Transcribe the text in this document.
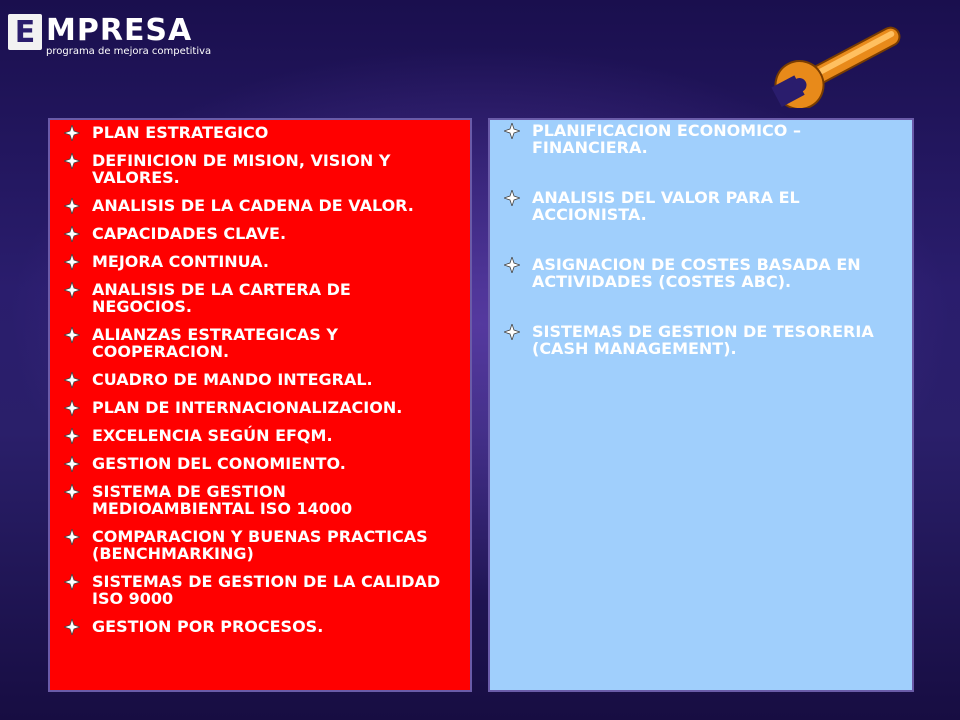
E MPRESA
programa de mejora competitiva
PLAN ESTRATEGICO
DEFINICION DE MISION, VISION Y VALORES.
ANALISIS DE LA CADENA DE VALOR.
CAPACIDADES CLAVE.
MEJORA CONTINUA.
ANALISIS DE LA CARTERA DE NEGOCIOS.
ALIANZAS ESTRATEGICAS Y COOPERACION.
CUADRO DE MANDO INTEGRAL.
PLAN DE INTERNACIONALIZACION.
EXCELENCIA SEGÚN EFQM.
GESTION DEL CONOMIENTO.
SISTEMA DE GESTION MEDIOAMBIENTAL ISO 14000
COMPARACION Y BUENAS PRACTICAS (BENCHMARKING)
SISTEMAS DE GESTION DE LA CALIDAD ISO 9000
GESTION POR PROCESOS.
PLANIFICACION ECONOMICO – FINANCIERA.
ANALISIS DEL VALOR PARA EL ACCIONISTA.
ASIGNACION DE COSTES BASADA EN ACTIVIDADES (COSTES ABC).
SISTEMAS DE GESTION DE TESORERIA (CASH MANAGEMENT).
